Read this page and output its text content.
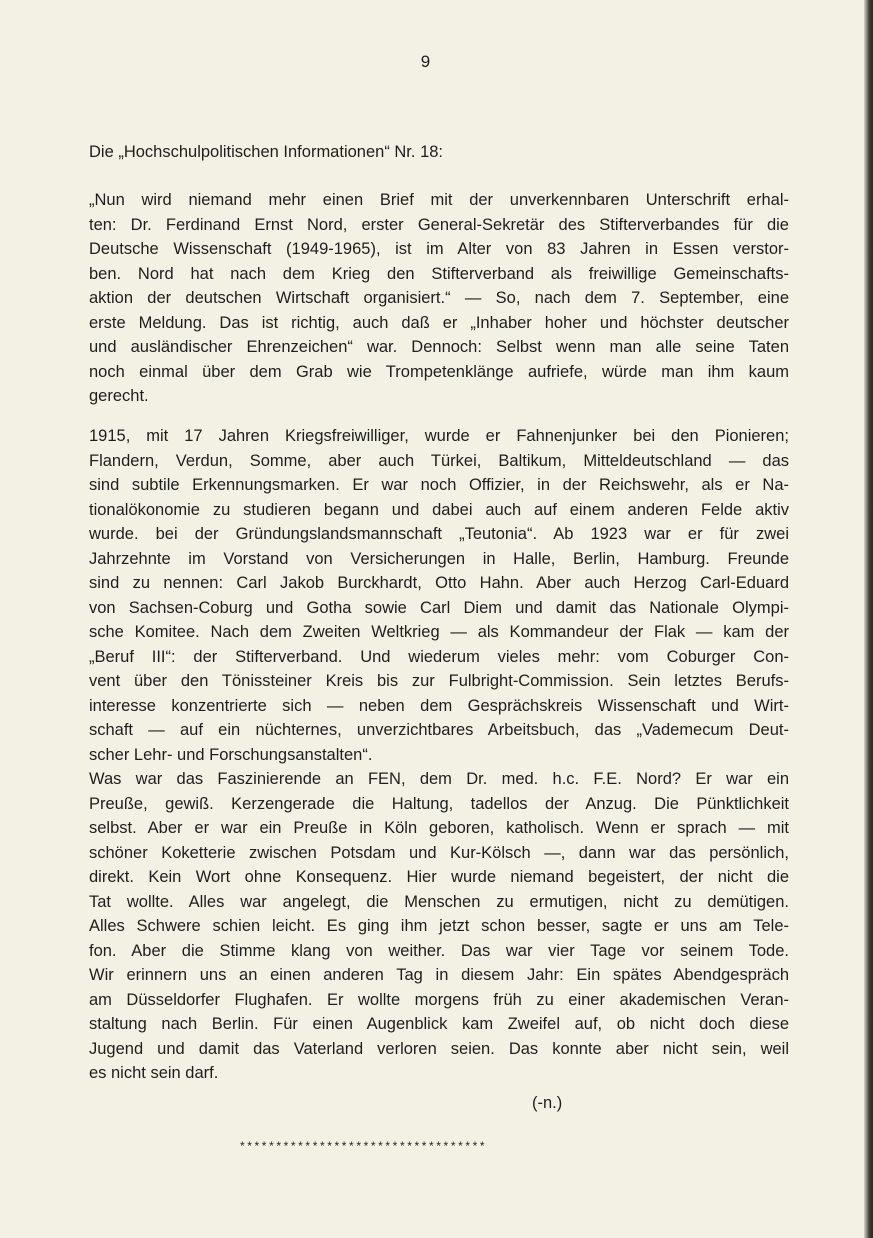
9
Die „Hochschulpolitischen Informationen“ Nr. 18:
„Nun wird niemand mehr einen Brief mit der unverkennbaren Unterschrift erhal-
ten: Dr. Ferdinand Ernst Nord, erster General-Sekretär des Stifterverbandes für die
Deutsche Wissenschaft (1949-1965), ist im Alter von 83 Jahren in Essen verstor-
ben. Nord hat nach dem Krieg den Stifterverband als freiwillige Gemeinschafts-
aktion der deutschen Wirtschaft organisiert.“ — So, nach dem 7. September, eine
erste Meldung. Das ist richtig, auch daß er „Inhaber hoher und höchster deutscher
und ausländischer Ehrenzeichen“ war. Dennoch: Selbst wenn man alle seine Taten
noch einmal über dem Grab wie Trompetenklänge aufriefe, würde man ihm kaum
gerecht.
1915, mit 17 Jahren Kriegsfreiwilliger, wurde er Fahnenjunker bei den Pionieren;
Flandern, Verdun, Somme, aber auch Türkei, Baltikum, Mitteldeutschland — das
sind subtile Erkennungsmarken. Er war noch Offizier, in der Reichswehr, als er Na-
tionalökonomie zu studieren begann und dabei auch auf einem anderen Felde aktiv
wurde. bei der Gründungslandsmannschaft „Teutonia“. Ab 1923 war er für zwei
Jahrzehnte im Vorstand von Versicherungen in Halle, Berlin, Hamburg. Freunde
sind zu nennen: Carl Jakob Burckhardt, Otto Hahn. Aber auch Herzog Carl-Eduard
von Sachsen-Coburg und Gotha sowie Carl Diem und damit das Nationale Olympi-
sche Komitee. Nach dem Zweiten Weltkrieg — als Kommandeur der Flak — kam der
„Beruf III“: der Stifterverband. Und wiederum vieles mehr: vom Coburger Con-
vent über den Tönissteiner Kreis bis zur Fulbright-Commission. Sein letztes Berufs-
interesse konzentrierte sich — neben dem Gesprächskreis Wissenschaft und Wirt-
schaft — auf ein nüchternes, unverzichtbares Arbeitsbuch, das „Vademecum Deut-
scher Lehr- und Forschungsanstalten“.
Was war das Faszinierende an FEN, dem Dr. med. h.c. F.E. Nord? Er war ein
Preuße, gewiß. Kerzengerade die Haltung, tadellos der Anzug. Die Pünktlichkeit
selbst. Aber er war ein Preuße in Köln geboren, katholisch. Wenn er sprach — mit
schöner Koketterie zwischen Potsdam und Kur-Kölsch —, dann war das persönlich,
direkt. Kein Wort ohne Konsequenz. Hier wurde niemand begeistert, der nicht die
Tat wollte. Alles war angelegt, die Menschen zu ermutigen, nicht zu demütigen.
Alles Schwere schien leicht. Es ging ihm jetzt schon besser, sagte er uns am Tele-
fon. Aber die Stimme klang von weither. Das war vier Tage vor seinem Tode.
Wir erinnern uns an einen anderen Tag in diesem Jahr: Ein spätes Abendgespräch
am Düsseldorfer Flughafen. Er wollte morgens früh zu einer akademischen Veran-
staltung nach Berlin. Für einen Augenblick kam Zweifel auf, ob nicht doch diese
Jugend und damit das Vaterland verloren seien. Das konnte aber nicht sein, weil
es nicht sein darf.
(-n.)
**********************************
